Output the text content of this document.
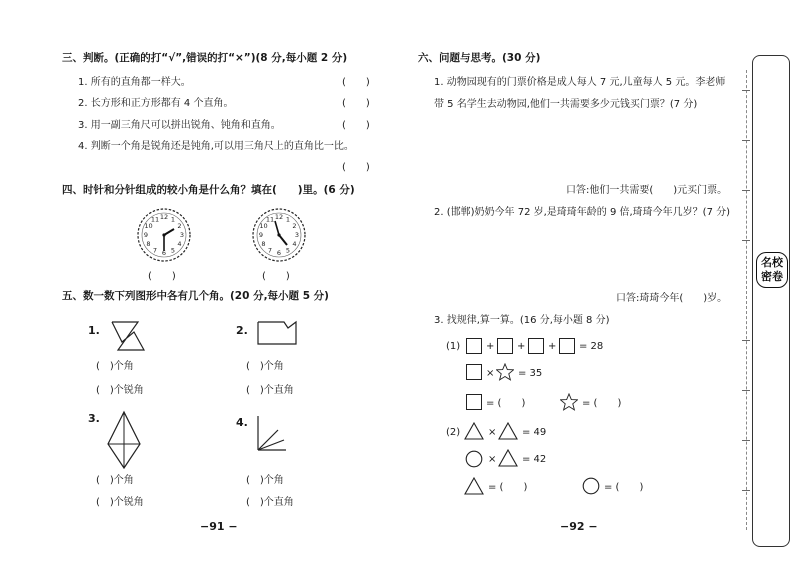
三、判断。(正确的打“√”,错误的打“×”)(8 分,每小题 2 分)
1. 所有的直角都一样大。	(　　)
2. 长方形和正方形都有 4 个直角。	(　　)
3. 用一副三角尺可以拼出锐角、钝角和直角。	(　　)
4. 判断一个角是锐角还是钝角,可以用三角尺上的直角比一比。
(　　)
四、时针和分针组成的较小角是什么角？填在(　　)里。(6 分)
12 1
2
3
4
5
6
7
8
9
10
11	12 1
2
3
4
5
6
7
8
9
10
11
(　　)	(　　)
五、数一数下列图形中各有几个角。(20 分,每小题 5 分)
1.
(　)个角
(　)个锐角
2.
(　)个角
(　)个直角
3.
(　)个角
(　)个锐角
4.
(　)个角
(　)个直角
−91 −
六、问题与思考。(30 分)
1. 动物园现有的门票价格是成人每人 7 元,儿童每人 5 元。李老师
带 5 名学生去动物园,他们一共需要多少元钱买门票？(7 分)
口答:他们一共需要(　　)元买门票。
2. (邯郸)奶奶今年 72 岁,是琦琦年龄的 9 倍,琦琦今年几岁？(7 分)
口答:琦琦今年(　　)岁。
3. 找规律,算一算。(16 分,每小题 8 分)
(1)	+ + + = 28
× = 35
= (　　)	= (　　)
(2)	×	= 49
×	= 42
= (　　)	= (　　)
−92 −
名校密卷
